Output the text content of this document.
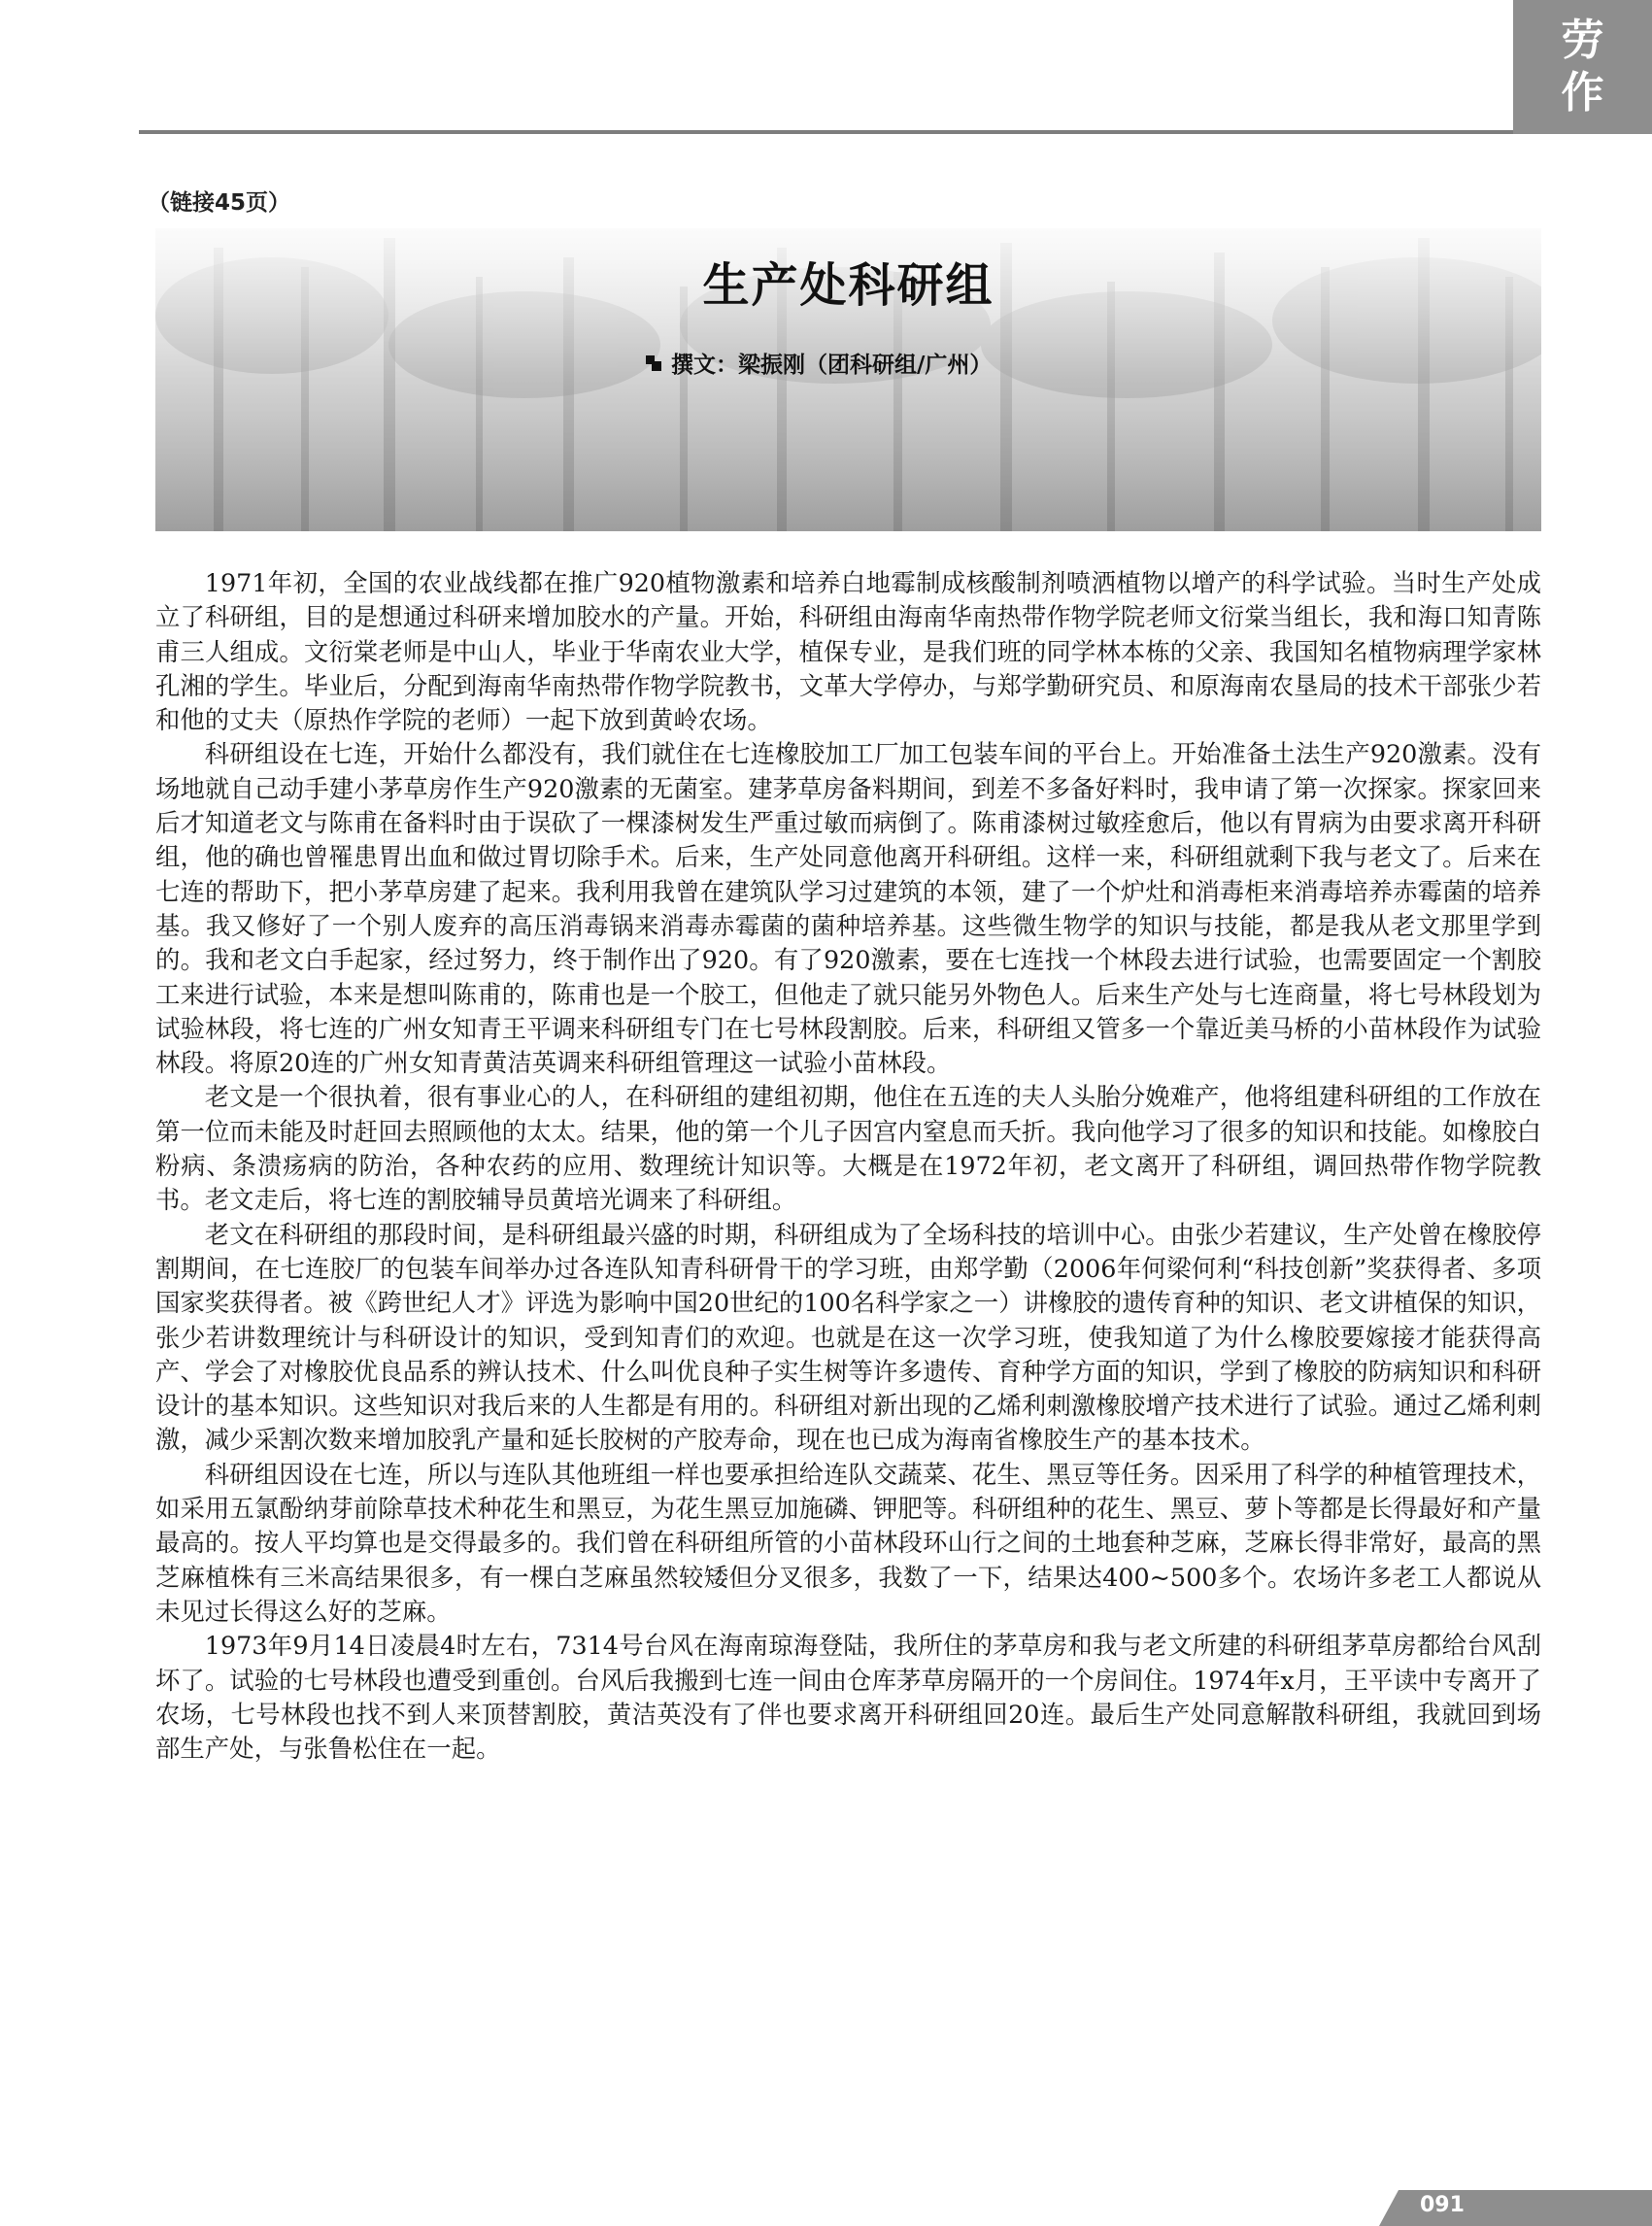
劳
作
（链接45页）
生产处科研组
撰文：梁振刚（团科研组/广州）

1971年初，全国的农业战线都在推广920植物激素和培养白地霉制成核酸制剂喷洒植物以增产的科学试验。当时生产处成立了科研组，目的是想通过科研来增加胶水的产量。开始，科研组由海南华南热带作物学院老师文衍棠当组长，我和海口知青陈甫三人组成。文衍棠老师是中山人，毕业于华南农业大学，植保专业，是我们班的同学林本栋的父亲、我国知名植物病理学家林孔湘的学生。毕业后，分配到海南华南热带作物学院教书，文革大学停办，与郑学勤研究员、和原海南农垦局的技术干部张少若和他的丈夫（原热作学院的老师）一起下放到黄岭农场。

科研组设在七连，开始什么都没有，我们就住在七连橡胶加工厂加工包装车间的平台上。开始准备土法生产920激素。没有场地就自己动手建小茅草房作生产920激素的无菌室。建茅草房备料期间，到差不多备好料时，我申请了第一次探家。探家回来后才知道老文与陈甫在备料时由于误砍了一棵漆树发生严重过敏而病倒了。陈甫漆树过敏痊愈后，他以有胃病为由要求离开科研组，他的确也曾罹患胃出血和做过胃切除手术。后来，生产处同意他离开科研组。这样一来，科研组就剩下我与老文了。后来在七连的帮助下，把小茅草房建了起来。我利用我曾在建筑队学习过建筑的本领，建了一个炉灶和消毒柜来消毒培养赤霉菌的培养基。我又修好了一个别人废弃的高压消毒锅来消毒赤霉菌的菌种培养基。这些微生物学的知识与技能，都是我从老文那里学到的。我和老文白手起家，经过努力，终于制作出了920。有了920激素，要在七连找一个林段去进行试验，也需要固定一个割胶工来进行试验，本来是想叫陈甫的，陈甫也是一个胶工，但他走了就只能另外物色人。后来生产处与七连商量，将七号林段划为试验林段，将七连的广州女知青王平调来科研组专门在七号林段割胶。后来，科研组又管多一个靠近美马桥的小苗林段作为试验林段。将原20连的广州女知青黄洁英调来科研组管理这一试验小苗林段。

老文是一个很执着，很有事业心的人，在科研组的建组初期，他住在五连的夫人头胎分娩难产，他将组建科研组的工作放在第一位而未能及时赶回去照顾他的太太。结果，他的第一个儿子因宫内窒息而夭折。我向他学习了很多的知识和技能。如橡胶白粉病、条溃疡病的防治，各种农药的应用、数理统计知识等。大概是在1972年初，老文离开了科研组，调回热带作物学院教书。老文走后，将七连的割胶辅导员黄培光调来了科研组。

老文在科研组的那段时间，是科研组最兴盛的时期，科研组成为了全场科技的培训中心。由张少若建议，生产处曾在橡胶停割期间，在七连胶厂的包装车间举办过各连队知青科研骨干的学习班，由郑学勤（2006年何梁何利“科技创新”奖获得者、多项国家奖获得者。被《跨世纪人才》评选为影响中国20世纪的100名科学家之一）讲橡胶的遗传育种的知识、老文讲植保的知识，张少若讲数理统计与科研设计的知识，受到知青们的欢迎。也就是在这一次学习班，使我知道了为什么橡胶要嫁接才能获得高产、学会了对橡胶优良品系的辨认技术、什么叫优良种子实生树等许多遗传、育种学方面的知识，学到了橡胶的防病知识和科研设计的基本知识。这些知识对我后来的人生都是有用的。科研组对新出现的乙烯利刺激橡胶增产技术进行了试验。通过乙烯利刺激，减少采割次数来增加胶乳产量和延长胶树的产胶寿命，现在也已成为海南省橡胶生产的基本技术。

科研组因设在七连，所以与连队其他班组一样也要承担给连队交蔬菜、花生、黑豆等任务。因采用了科学的种植管理技术，如采用五氯酚纳芽前除草技术种花生和黑豆，为花生黑豆加施磷、钾肥等。科研组种的花生、黑豆、萝卜等都是长得最好和产量最高的。按人平均算也是交得最多的。我们曾在科研组所管的小苗林段环山行之间的土地套种芝麻，芝麻长得非常好，最高的黑芝麻植株有三米高结果很多，有一棵白芝麻虽然较矮但分叉很多，我数了一下，结果达400~500多个。农场许多老工人都说从未见过长得这么好的芝麻。

1973年9月14日凌晨4时左右，7314号台风在海南琼海登陆，我所住的茅草房和我与老文所建的科研组茅草房都给台风刮坏了。试验的七号林段也遭受到重创。台风后我搬到七连一间由仓库茅草房隔开的一个房间住。1974年x月，王平读中专离开了农场，七号林段也找不到人来顶替割胶，黄洁英没有了伴也要求离开科研组回20连。最后生产处同意解散科研组，我就回到场部生产处，与张鲁松住在一起。

091
